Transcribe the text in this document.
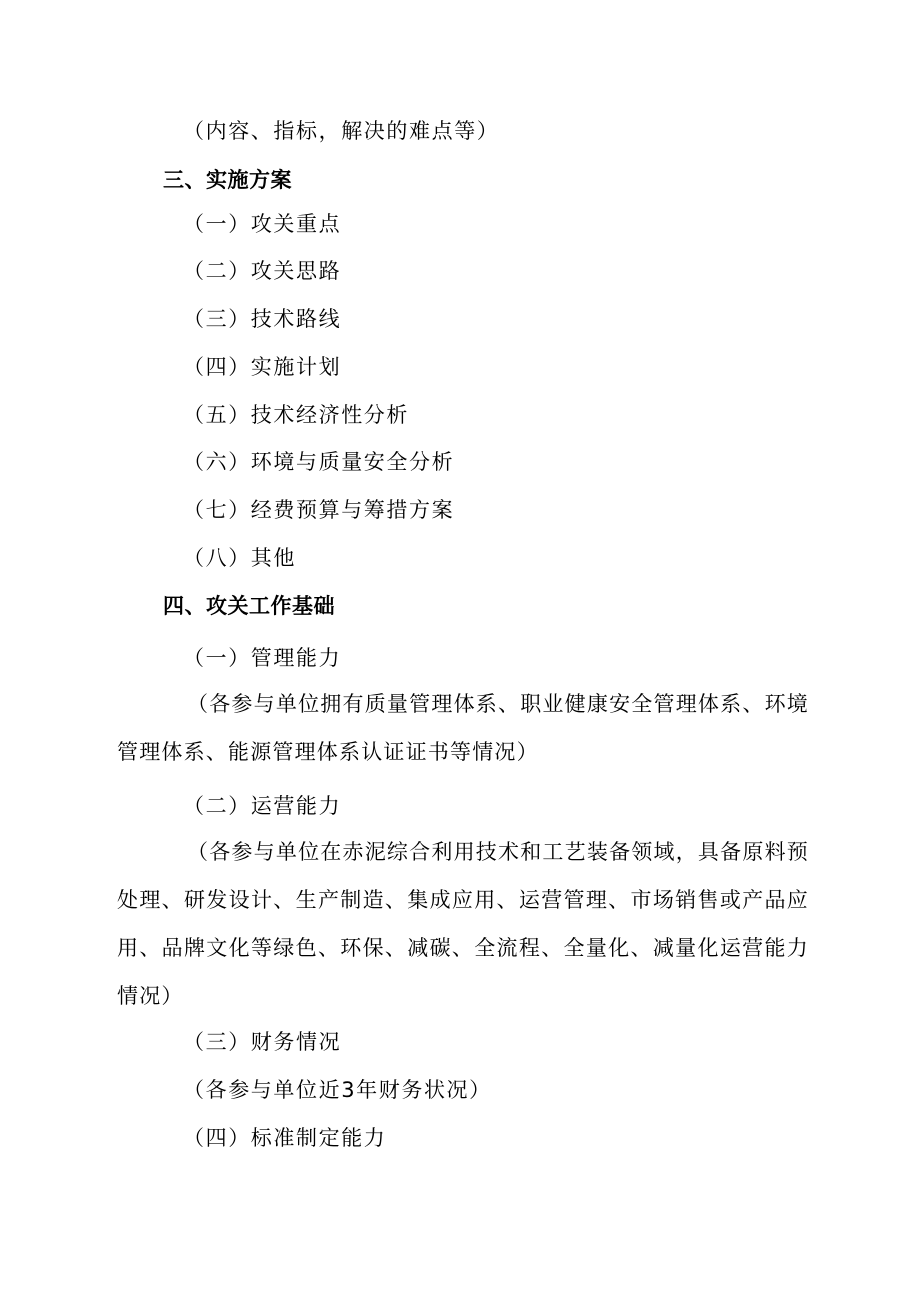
（内容、指标，解决的难点等）
三、实施方案
（一）攻关重点
（二）攻关思路
（三）技术路线
（四）实施计划
（五）技术经济性分析
（六）环境与质量安全分析
（七）经费预算与筹措方案
（八）其他
四、攻关工作基础
（一）管理能力
（各参与单位拥有质量管理体系、职业健康安全管理体系、环境管理体系、能源管理体系认证证书等情况）
（二）运营能力
（各参与单位在赤泥综合利用技术和工艺装备领域，具备原料预处理、研发设计、生产制造、集成应用、运营管理、市场销售或产品应用、品牌文化等绿色、环保、减碳、全流程、全量化、减量化运营能力情况）
（三）财务情况
（各参与单位近3年财务状况）
（四）标准制定能力
